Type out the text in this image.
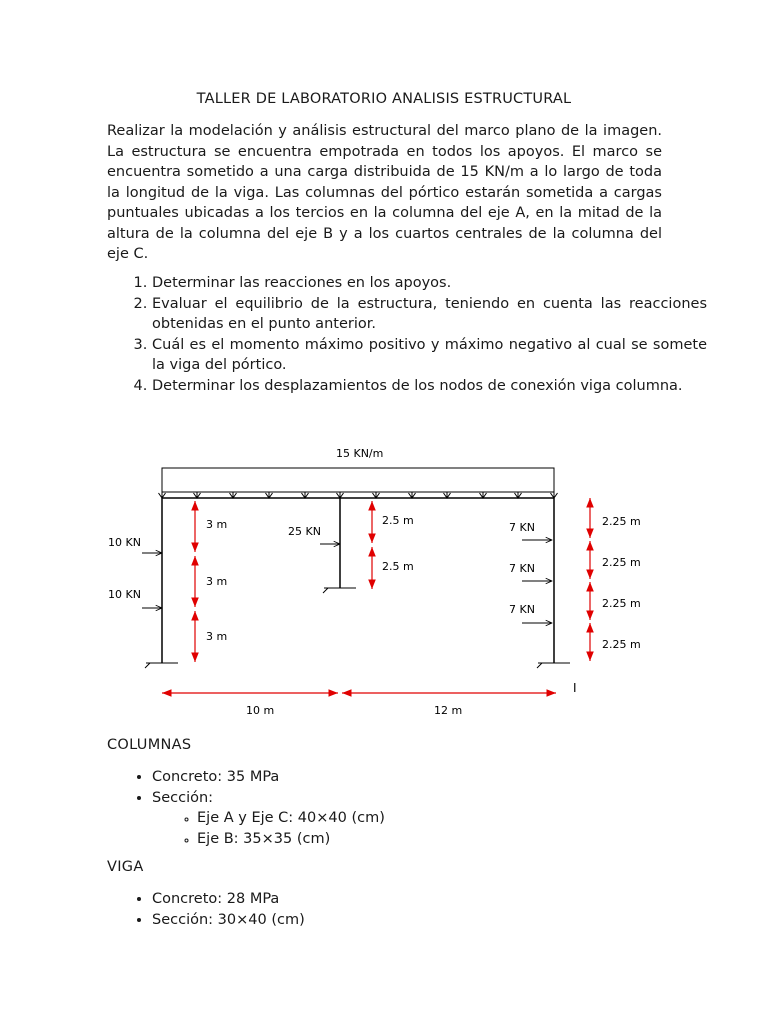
TALLER DE LABORATORIO ANALISIS ESTRUCTURAL

Realizar la modelación y análisis estructural del marco plano de la imagen. La estructura se encuentra empotrada en todos los apoyos. El marco se encuentra sometido a una carga distribuida de 15 KN/m a lo largo de toda la longitud de la viga. Las columnas del pórtico estarán sometida a cargas puntuales ubicadas a los tercios en la columna del eje A, en la mitad de la altura de la columna del eje B y a los cuartos centrales de la columna del eje C.

1. Determinar las reacciones en los apoyos.
2. Evaluar el equilibrio de la estructura, teniendo en cuenta las reacciones obtenidas en el punto anterior.
3. Cuál es el momento máximo positivo y máximo negativo al cual se somete la viga del pórtico.
4. Determinar los desplazamientos de los nodos de conexión viga columna.
15 KN/m
10 KN
10 KN
3 m
3 m
3 m
25 KN
2.5 m
2.5 m
7 KN
7 KN
7 KN
2.25 m
2.25 m
2.25 m
2.25 m
10 m	12 m
I
COLUMNAS
• Concreto: 35 MPa
• Sección:
◦ Eje A y Eje C: 40×40 (cm)
◦ Eje B: 35×35 (cm)
VIGA
• Concreto: 28 MPa
• Sección: 30×40 (cm)
